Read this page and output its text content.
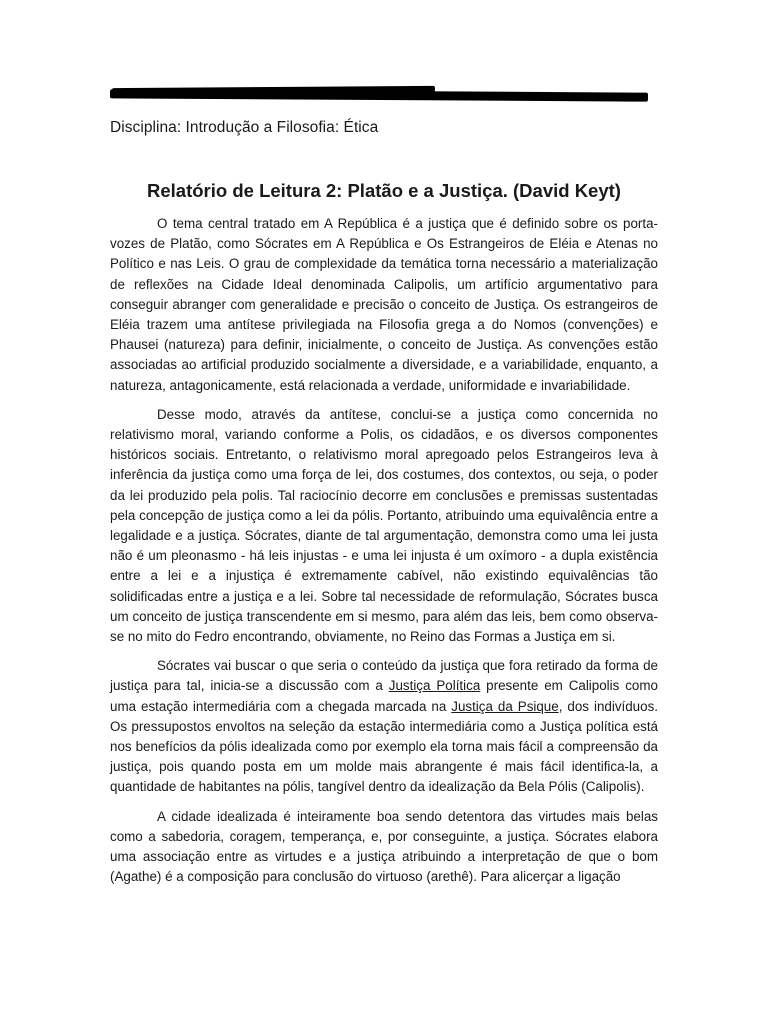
Disciplina: Introdução a Filosofia: Ética
Relatório de Leitura 2: Platão e a Justiça. (David Keyt)

O tema central tratado em A República é a justiça que é definido sobre os porta-vozes de Platão, como Sócrates em A República e Os Estrangeiros de Eléia e Atenas no Político e nas Leis. O grau de complexidade da temática torna necessário a materialização de reflexões na Cidade Ideal denominada Calipolis, um artifício argumentativo para conseguir abranger com generalidade e precisão o conceito de Justiça. Os estrangeiros de Eléia trazem uma antítese privilegiada na Filosofia grega a do Nomos (convenções) e Phausei (natureza) para definir, inicialmente, o conceito de Justiça. As convenções estão associadas ao artificial produzido socialmente a diversidade, e a variabilidade, enquanto, a natureza, antagonicamente, está relacionada a verdade, uniformidade e invariabilidade.

Desse modo, através da antítese, conclui-se a justiça como concernida no relativismo moral, variando conforme a Polis, os cidadãos, e os diversos componentes históricos sociais. Entretanto, o relativismo moral apregoado pelos Estrangeiros leva à inferência da justiça como uma força de lei, dos costumes, dos contextos, ou seja, o poder da lei produzido pela polis. Tal raciocínio decorre em conclusões e premissas sustentadas pela concepção de justiça como a lei da pólis. Portanto, atribuindo uma equivalência entre a legalidade e a justiça. Sócrates, diante de tal argumentação, demonstra como uma lei justa não é um pleonasmo - há leis injustas - e uma lei injusta é um oxímoro - a dupla existência entre a lei e a injustiça é extremamente cabível, não existindo equivalências tão solidificadas entre a justiça e a lei. Sobre tal necessidade de reformulação, Sócrates busca um conceito de justiça transcendente em si mesmo, para além das leis, bem como observa-se no mito do Fedro encontrando, obviamente, no Reino das Formas a Justiça em si.

Sócrates vai buscar o que seria o conteúdo da justiça que fora retirado da forma de justiça para tal, inicia-se a discussão com a Justiça Política presente em Calipolis como uma estação intermediária com a chegada marcada na Justiça da Psique, dos indivíduos. Os pressupostos envoltos na seleção da estação intermediária como a Justiça política está nos benefícios da pólis idealizada como por exemplo ela torna mais fácil a compreensão da justiça, pois quando posta em um molde mais abrangente é mais fácil identifica-la, a quantidade de habitantes na pólis, tangível dentro da idealização da Bela Pólis (Calipolis).

A cidade idealizada é inteiramente boa sendo detentora das virtudes mais belas como a sabedoria, coragem, temperança, e, por conseguinte, a justiça. Sócrates elabora uma associação entre as virtudes e a justiça atribuindo a interpretação de que o bom (Agathe) é a composição para conclusão do virtuoso (arethê). Para alicerçar a ligação
